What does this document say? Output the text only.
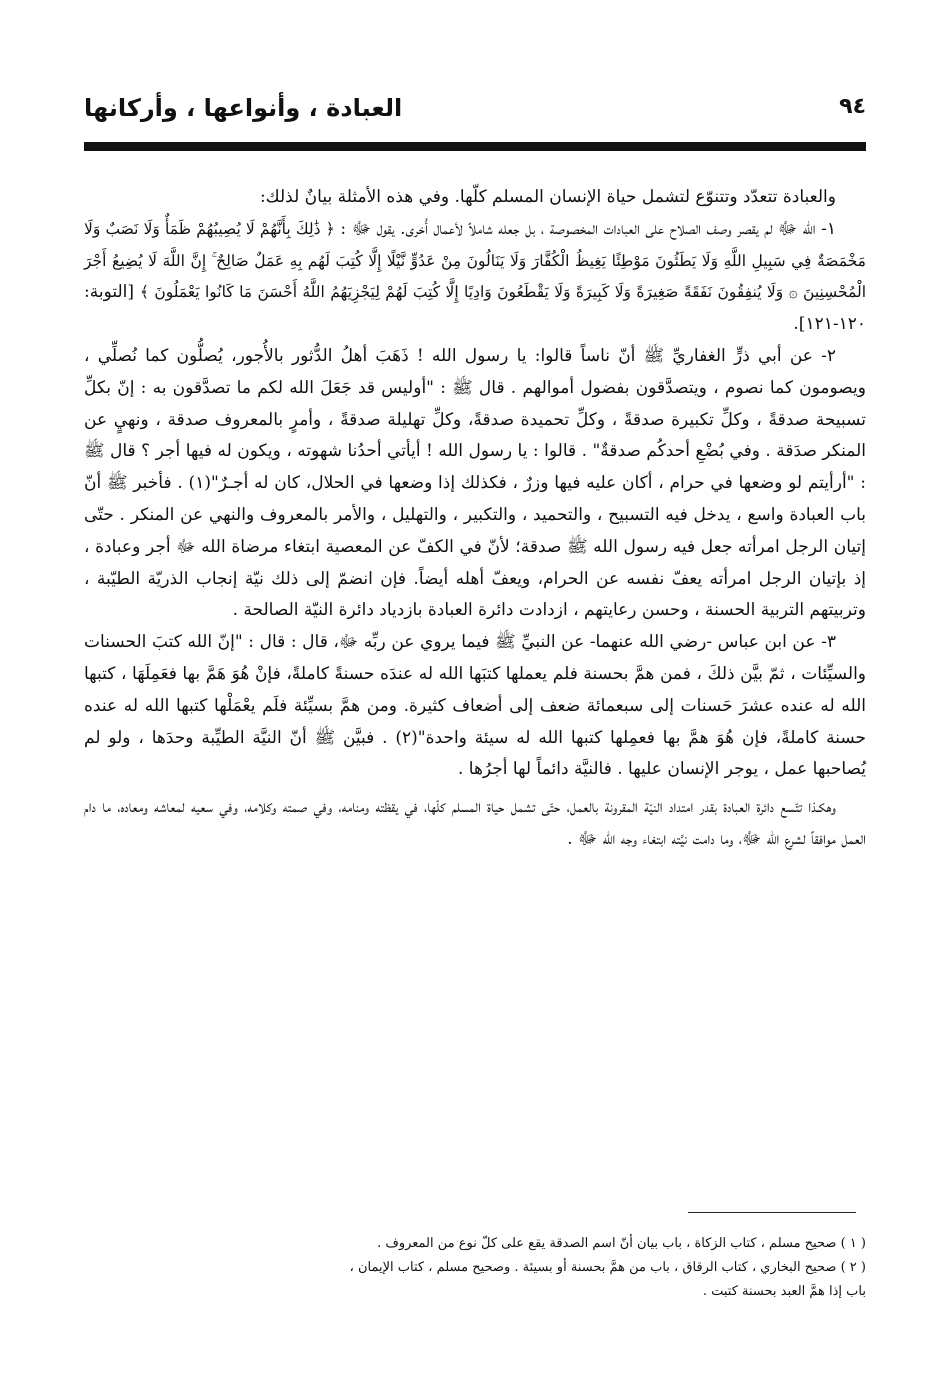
٩٤
العبادة ، وأنواعها ، وأركانها

والعبادة تتعدّد وتتنوّع لتشمل حياة الإنسان المسلم كلّها. وفي هذه الأمثلة بيانٌ لذلك:

١- الله ﷻ لم يقصر وصف الصلاح على العبادات المخصوصة ، بل جعله شاملاً لأعمال أُخرى. يقول ﷻ : ﴿ ذَٰلِكَ بِأَنَّهُمْ لَا يُصِيبُهُمْ ظَمَأٌ وَلَا نَصَبٌ وَلَا مَخْمَصَةٌ فِي سَبِيلِ اللَّهِ وَلَا يَطَئُونَ مَوْطِئًا يَغِيظُ الْكُفَّارَ وَلَا يَنَالُونَ مِنْ عَدُوٍّ نَّيْلًا إِلَّا كُتِبَ لَهُم بِهِ عَمَلٌ صَالِحٌ ۚ إِنَّ اللَّهَ لَا يُضِيعُ أَجْرَ الْمُحْسِنِينَ ۞ وَلَا يُنفِقُونَ نَفَقَةً صَغِيرَةً وَلَا كَبِيرَةً وَلَا يَقْطَعُونَ وَادِيًا إِلَّا كُتِبَ لَهُمْ لِيَجْزِيَهُمُ اللَّهُ أَحْسَنَ مَا كَانُوا يَعْمَلُونَ ﴾ [التوبة: ١٢٠-١٢١].

٢- عن أبي ذرٍّ الغفاريِّ ﷺ أنّ ناساً قالوا: يا رسول الله ! ذَهَبَ أهلُ الدُّثور بالأُجور، يُصلُّون كما نُصلِّي ، ويصومون كما نصوم ، ويتصدَّقون بفضول أموالهم . قال ﷺ : "أوليس قد جَعَلَ الله لكم ما تصدَّقون به : إنّ بكلِّ تسبيحة صدقةً ، وكلِّ تكبيرة صدقةً ، وكلِّ تحميدة صدقةً، وكلِّ تهليلة صدقةً ، وأمرٍ بالمعروف صدقة ، ونهيٍ عن المنكر صدَقة . وفي بُضْعِ أحدكُم صدقةٌ" . قالوا : يا رسول الله ! أيأتي أحدُنا شهوته ، ويكون له فيها أجر ؟ قال ﷺ : "أرأيتم لو وضعها في حرام ، أكان عليه فيها وزرٌ ، فكذلك إذا وضعها في الحلال، كان له أجـرٌ"(١) . فأخبر ﷺ أنّ باب العبادة واسع ، يدخل فيه التسبيح ، والتحميد ، والتكبير ، والتهليل ، والأمر بالمعروف والنهي عن المنكر . حتّى إتيان الرجل امرأته جعل فيه رسول الله ﷺ صدقة؛ لأنّ في الكفّ عن المعصية ابتغاء مرضاة الله ﷻ أجر وعبادة ، إذ بإتيان الرجل امرأته يعفّ نفسه عن الحرام، ويعفّ أهله أيضاً. فإن انضمّ إلى ذلك نيّة إنجاب الذريّة الطيّبة ، وتربيتهم التربية الحسنة ، وحسن رعايتهم ، ازدادت دائرة العبادة بازدياد دائرة النيّة الصالحة .

٣- عن ابن عباس -رضي الله عنهما- عن النبيِّ ﷺ فيما يروي عن ربِّه ﷻ، قال : قال : "إنّ الله كتبَ الحسنات والسيِّئات ، ثمّ بيَّن ذلكَ ، فمن همَّ بحسنة فلم يعملها كتبَها الله له عندَه حسنةً كاملةً، فإنْ هُوَ هَمَّ بها فعَمِلَهَا ، كتبها الله له عنده عشرَ حَسنات إلى سبعمائة ضعف إلى أضعاف كثيرة. ومن همَّ بسيِّئة فلَم يعْمَلْها كتبها الله له عنده حسنة كاملةً، فإن هُوَ همَّ بها فعمِلها كتبها الله له سيئة واحدة"(٢) . فبيَّن ﷺ أنّ النيَّة الطيِّبة وحدَها ، ولو لم يُصاحبها عمل ، يوجر الإنسان عليها . فالنيَّة دائماً لها أجرُها .

وهكـذا تتّسع دائرة العبادة بقدر امتداد النيّة المقرونة بالعمل، حتّى تشمل حياة المسلم كلّها، في يقظته ومنامه، وفي صمته وكلامه، وفي سعيه لمعاشه ومعاده، ما دام العمل موافقاً لشرع الله ﷻ، وما دامت نيَّته ابتغاء وجه الله ﷻ .

( ١ ) صحيح مسلم ، كتاب الزكاة ، باب بيان أنّ اسم الصدقة يقع على كلّ نوع من المعروف .

( ٢ ) صحيح البخاري ، كتاب الرقاق ، باب من همَّ بحسنة أو بسيئة . وصحيح مسلم ، كتاب الإيمان ،

باب إذا همَّ العبد بحسنة كتبت .
